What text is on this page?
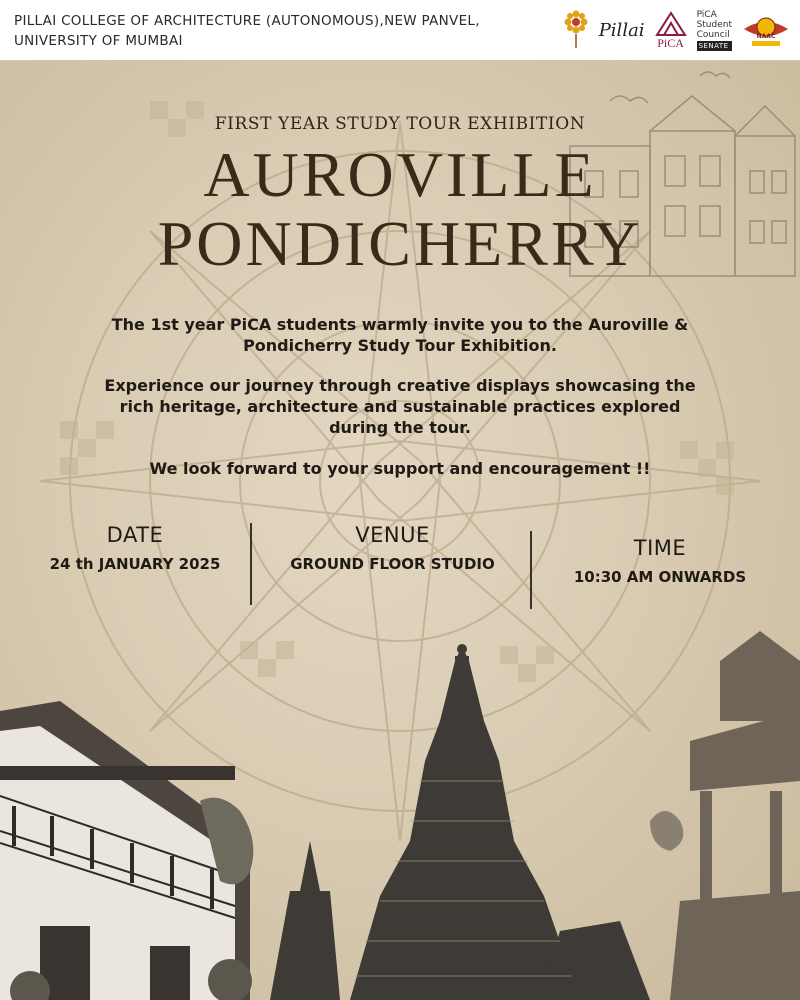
PILLAI COLLEGE OF ARCHITECTURE (AUTONOMOUS),NEW PANVEL,
UNIVERSITY OF MUMBAI
Pillai
PiCA
PiCA
Student
Council
SENATE
NAAC
FIRST YEAR STUDY TOUR EXHIBITION
AUROVILLE
PONDICHERRY
The 1st year PiCA students warmly invite you to the Auroville & Pondicherry Study Tour Exhibition.
Experience our journey through creative displays showcasing the rich heritage, architecture and sustainable practices explored during the tour.
We look forward to your support and encouragement !!
DATE
24 th JANUARY 2025
VENUE
GROUND FLOOR STUDIO
TIME
10:30 AM ONWARDS
